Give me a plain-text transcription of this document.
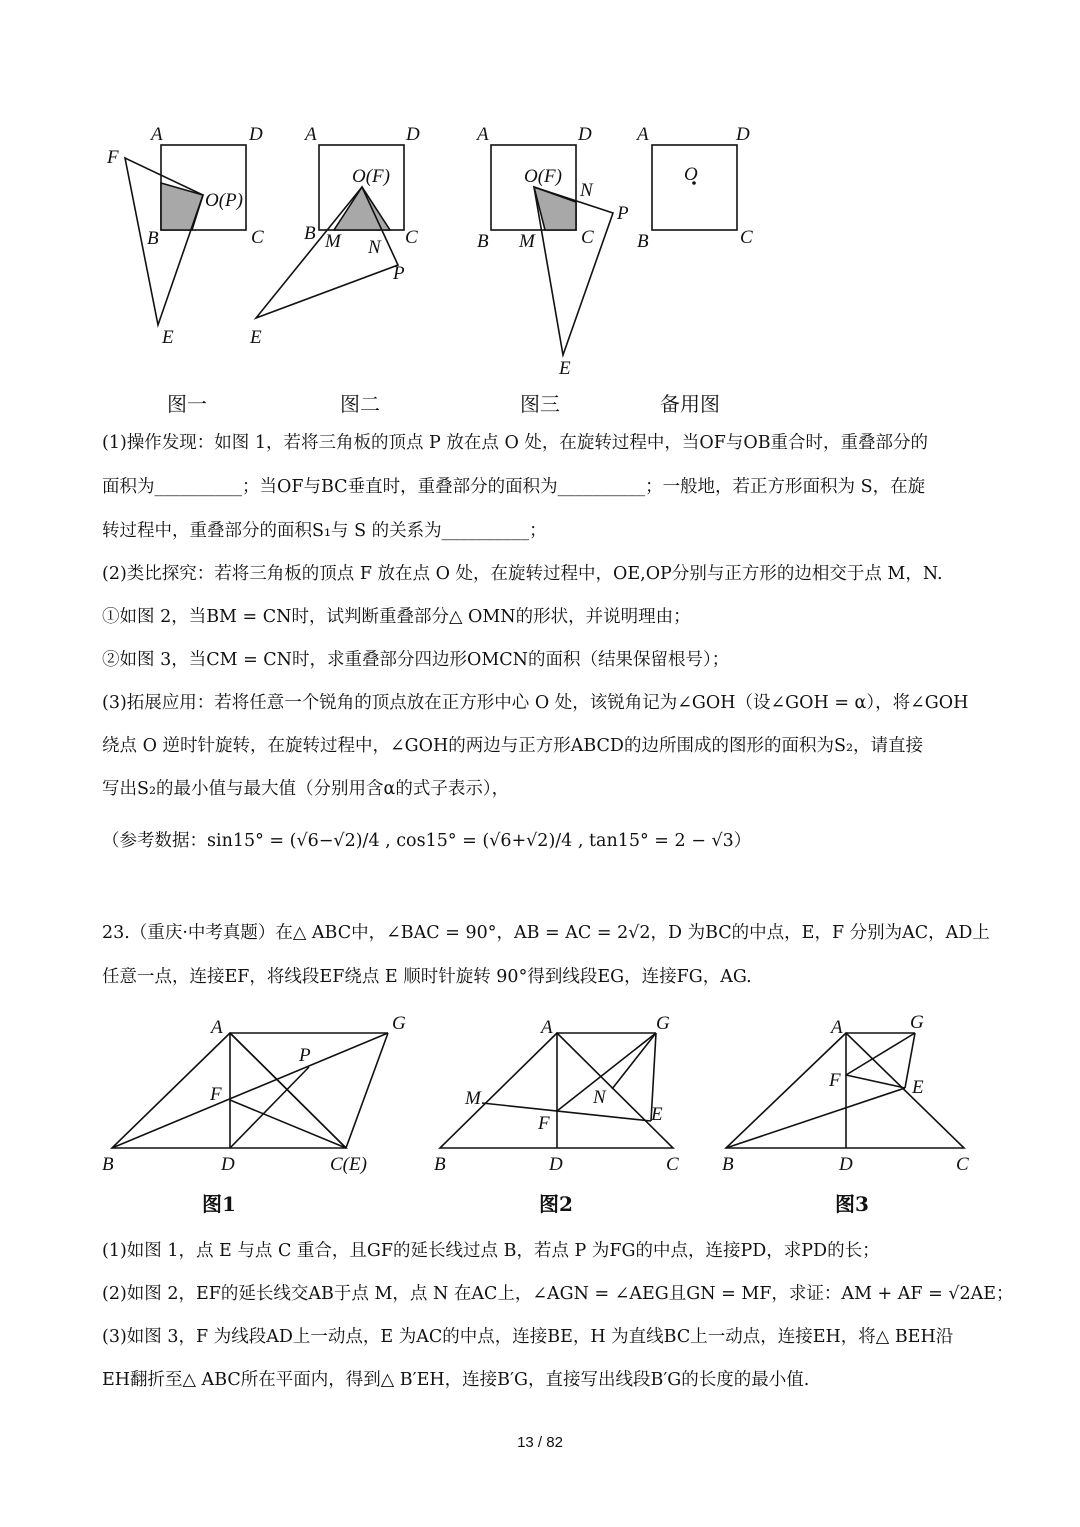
A	D
F
O(P)
B	C
E
A	D
O(F)
B M N C
P
E
A	D
O(F)
N
P
B M C
E
A	D
O
B	C
图一	图二	图三	备用图
(1)操作发现：如图 1，若将三角板的顶点 P 放在点 O 处，在旋转过程中，当OF与OB重合时，重叠部分的
面积为__________；当OF与BC垂直时，重叠部分的面积为__________；一般地，若正方形面积为 S，在旋
转过程中，重叠部分的面积S₁与 S 的关系为__________；
(2)类比探究：若将三角板的顶点 F 放在点 O 处，在旋转过程中，OE,OP分别与正方形的边相交于点 M，N.
①如图 2，当BM = CN时，试判断重叠部分△ OMN的形状，并说明理由；
②如图 3，当CM = CN时，求重叠部分四边形OMCN的面积（结果保留根号）；
(3)拓展应用：若将任意一个锐角的顶点放在正方形中心 O 处，该锐角记为∠GOH（设∠GOH = α），将∠GOH
绕点 O 逆时针旋转，在旋转过程中，∠GOH的两边与正方形ABCD的边所围成的图形的面积为S₂，请直接
写出S₂的最小值与最大值（分别用含α的式子表示），
（参考数据：sin15° = (√6−√2)/4 , cos15° = (√6+√2)/4 , tan15° = 2 − √3）
23.（重庆·中考真题）在△ ABC中，∠BAC = 90°，AB = AC = 2√2，D 为BC的中点，E，F 分别为AC，AD上
任意一点，连接EF，将线段EF绕点 E 顺时针旋转 90°得到线段EG，连接FG，AG.
A	G
P
F
B	D	C(E)
A	G
M	N
E
F
B	D	C
A	G
F	E
B	D	C
图1	图2	图3
(1)如图 1，点 E 与点 C 重合，且GF的延长线过点 B，若点 P 为FG的中点，连接PD，求PD的长；
(2)如图 2，EF的延长线交AB于点 M，点 N 在AC上，∠AGN = ∠AEG且GN = MF，求证：AM + AF = √2AE；
(3)如图 3，F 为线段AD上一动点，E 为AC的中点，连接BE，H 为直线BC上一动点，连接EH，将△ BEH沿
EH翻折至△ ABC所在平面内，得到△ B′EH，连接B′G，直接写出线段B′G的长度的最小值.
13 / 82
